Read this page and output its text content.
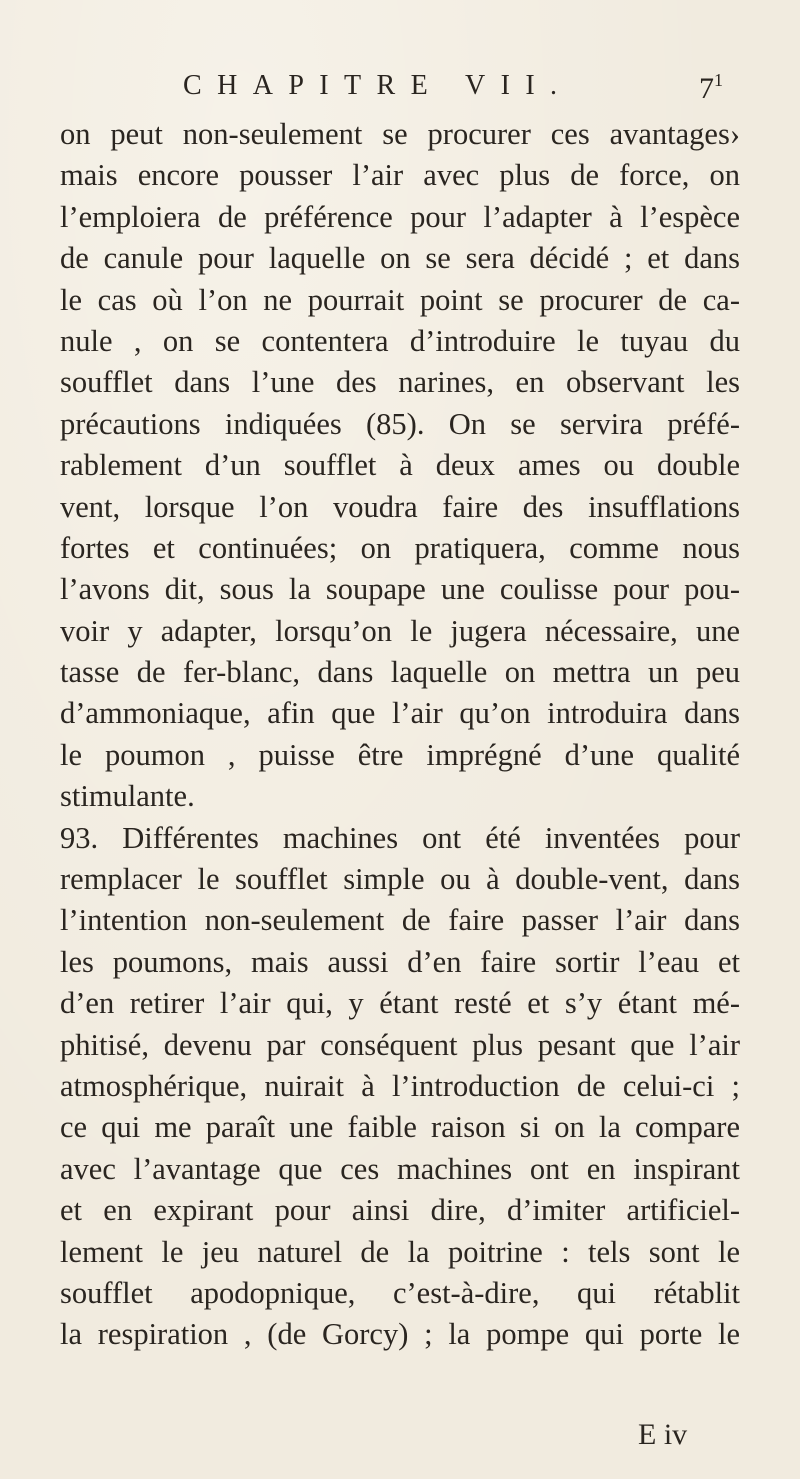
CHAPITRE VII.	$7^1$
on peut non-seulement se procurer ces avantages›
mais encore pousser l’air avec plus de force, on
l’emploiera de préférence pour l’adapter à l’espèce
de canule pour laquelle on se sera décidé ; et dans
le cas où l’on ne pourrait point se procurer de ca-
nule , on se contentera d’introduire le tuyau du
soufflet dans l’une des narines, en observant les
précautions indiquées (85). On se servira préfé-
rablement d’un soufflet à deux ames ou double
vent, lorsque l’on voudra faire des insufflations
fortes et continuées; on pratiquera, comme nous
l’avons dit, sous la soupape une coulisse pour pou-
voir y adapter, lorsqu’on le jugera nécessaire, une
tasse de fer-blanc, dans laquelle on mettra un peu
d’ammoniaque, afin que l’air qu’on introduira dans
le poumon , puisse être imprégné d’une qualité
stimulante.
93. Différentes machines ont été inventées pour
remplacer le soufflet simple ou à double-vent, dans
l’intention non-seulement de faire passer l’air dans
les poumons, mais aussi d’en faire sortir l’eau et
d’en retirer l’air qui, y étant resté et s’y étant mé-
phitisé, devenu par conséquent plus pesant que l’air
atmosphérique, nuirait à l’introduction de celui-ci ;
ce qui me paraît une faible raison si on la compare
avec l’avantage que ces machines ont en inspirant
et en expirant pour ainsi dire, d’imiter artificiel-
lement le jeu naturel de la poitrine : tels sont le
soufflet apodopnique, c’est-à-dire, qui rétablit
la respiration , (de Gorcy) ; la pompe qui porte le
E iv
